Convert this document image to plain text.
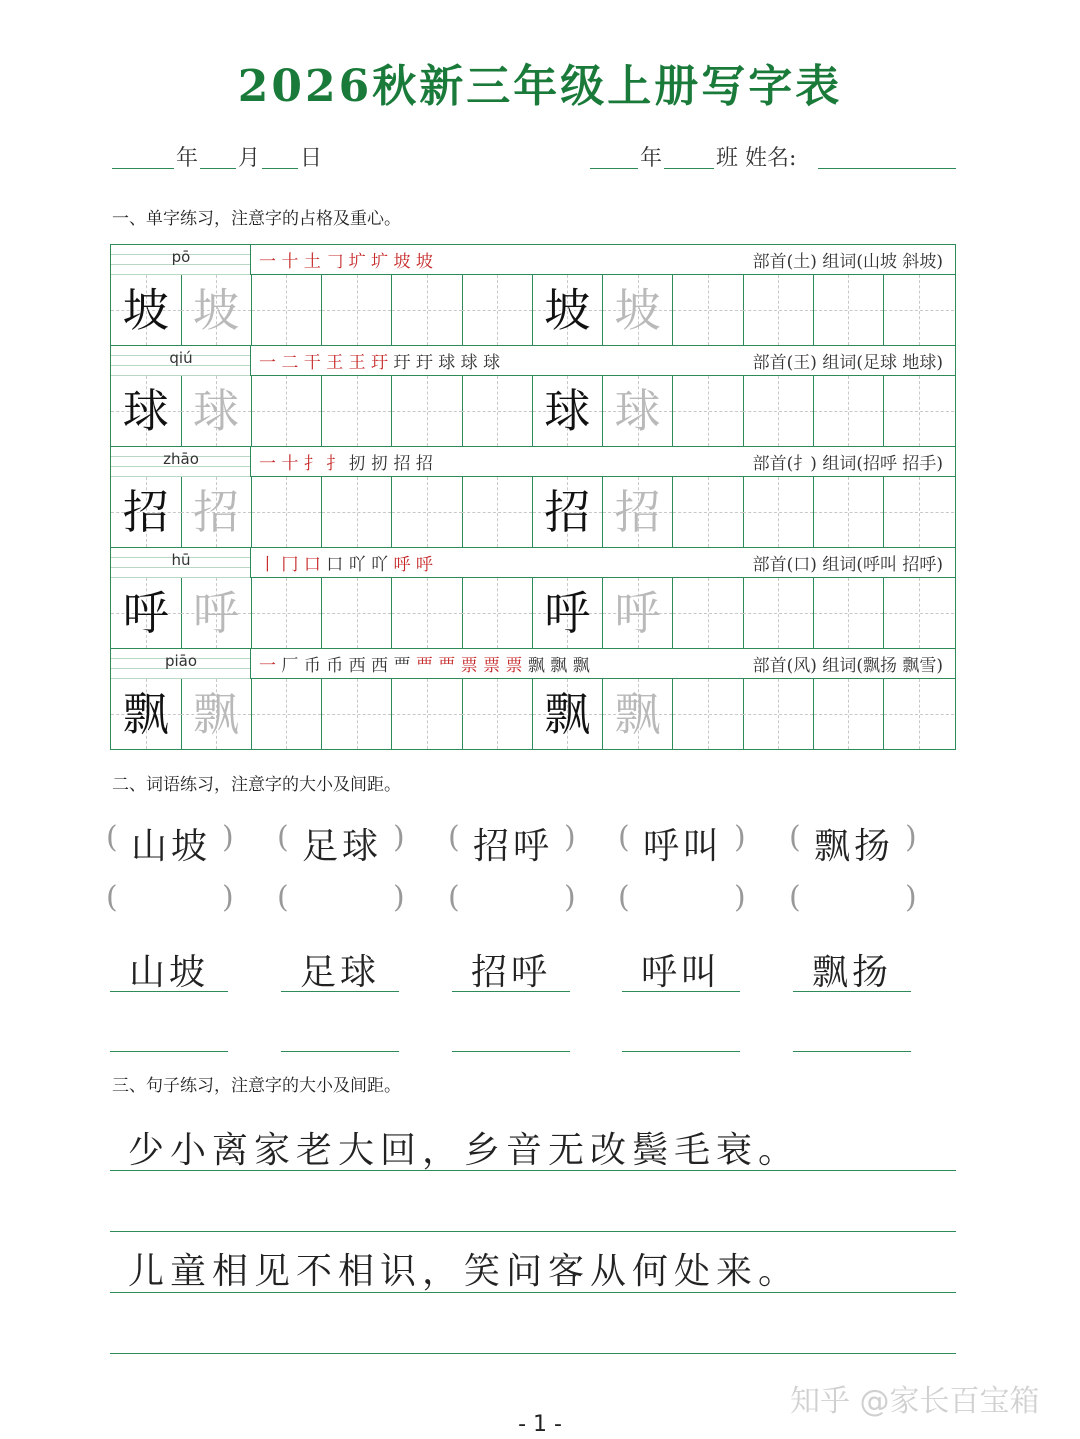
2026秋新三年级上册写字表
年 月 日	年 班 姓名:
一、单字练习，注意字的占格及重心。
pō	一 十 土 𠃌 圹 圹 坡 坡	部首(土) 组词(山坡 斜坡)
坡 坡	坡 坡
qiú	一 二 干 王 王 玗 玗 玗 球 球 球	部首(王) 组词(足球 地球)
球 球	球 球
zhāo	一 十 扌 扌 扨 扨 招 招	部首(扌) 组词(招呼 招手)
招 招	招 招
hū	丨 冂 口 口 吖 吖 呼 呼	部首(口) 组词(呼叫 招呼)
呼 呼	呼 呼
piāo	一 厂 币 币 西 西 覀 覀 覀 票 票 票 飘 飘 飘	部首(风) 组词(飘扬 飘雪)
飘 飘	飘 飘
二、词语练习，注意字的大小及间距。
( 山坡 )
(	)
山坡
( 足球 )
(	)
足球
( 招呼 )
(	)
招呼
( 呼叫 )
(	)
呼叫
( 飘扬 )
(	)
飘扬
三、句子练习，注意字的大小及间距。
少小离家老大回，乡音无改鬓毛衰。
儿童相见不相识，笑问客从何处来。
知乎 @家长百宝箱
- 1 -
